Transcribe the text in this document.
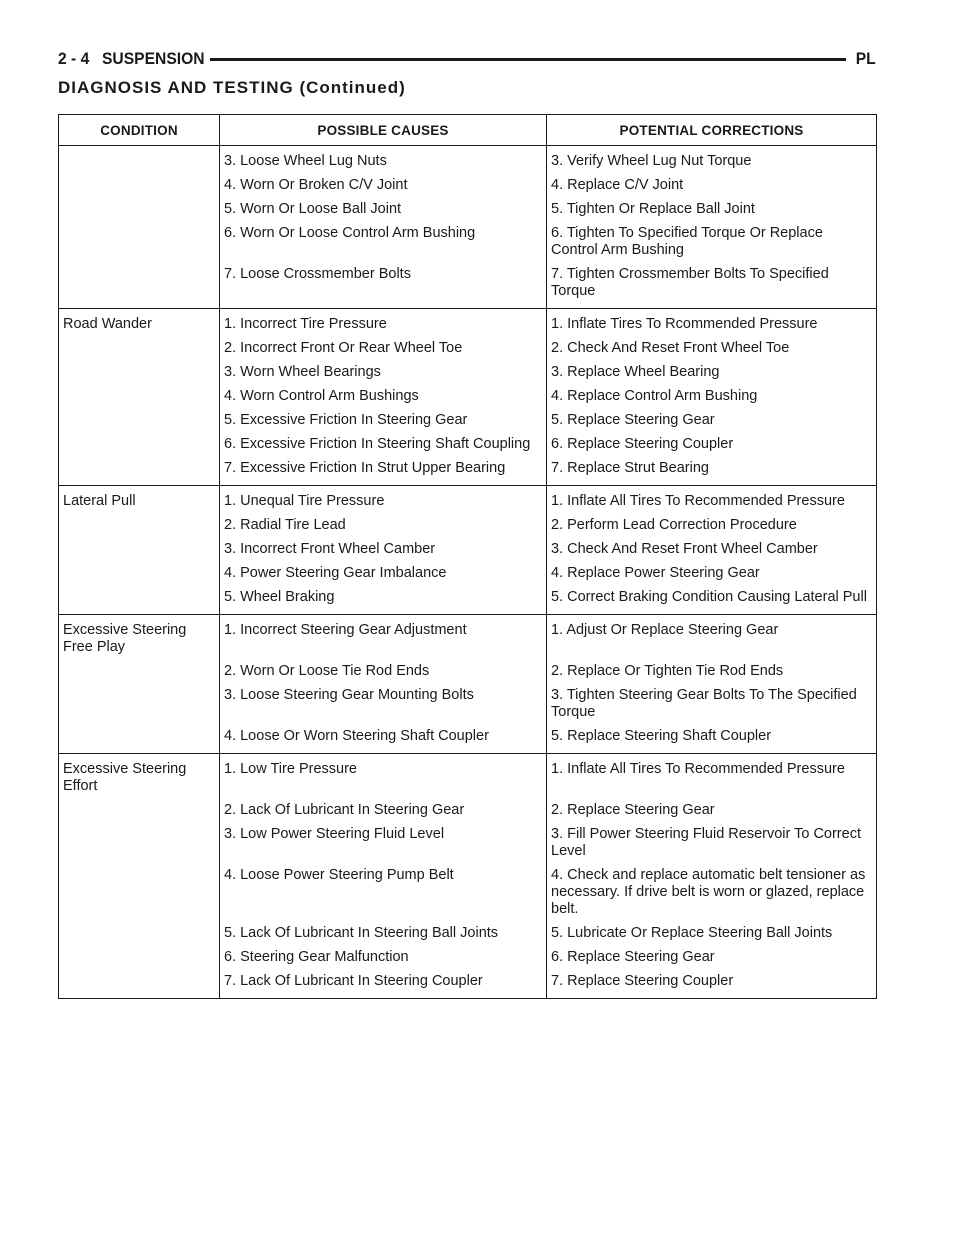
2 - 4 SUSPENSION	PL
DIAGNOSIS AND TESTING (Continued)
CONDITION	POSSIBLE CAUSES	POTENTIAL CORRECTIONS
	3. Loose Wheel Lug Nuts	3. Verify Wheel Lug Nut Torque
	4. Worn Or Broken C/V Joint	4. Replace C/V Joint
	5. Worn Or Loose Ball Joint	5. Tighten Or Replace Ball Joint
	6. Worn Or Loose Control Arm Bushing	6. Tighten To Specified Torque Or Replace Control Arm Bushing
	7. Loose Crossmember Bolts	7. Tighten Crossmember Bolts To Specified Torque
Road Wander	1. Incorrect Tire Pressure	1. Inflate Tires To Rcommended Pressure
	2. Incorrect Front Or Rear Wheel Toe	2. Check And Reset Front Wheel Toe
	3. Worn Wheel Bearings	3. Replace Wheel Bearing
	4. Worn Control Arm Bushings	4. Replace Control Arm Bushing
	5. Excessive Friction In Steering Gear	5. Replace Steering Gear
	6. Excessive Friction In Steering Shaft Coupling	6. Replace Steering Coupler
	7. Excessive Friction In Strut Upper Bearing	7. Replace Strut Bearing
Lateral Pull	1. Unequal Tire Pressure	1. Inflate All Tires To Recommended Pressure
	2. Radial Tire Lead	2. Perform Lead Correction Procedure
	3. Incorrect Front Wheel Camber	3. Check And Reset Front Wheel Camber
	4. Power Steering Gear Imbalance	4. Replace Power Steering Gear
	5. Wheel Braking	5. Correct Braking Condition Causing Lateral Pull
Excessive Steering Free Play	1. Incorrect Steering Gear Adjustment	1. Adjust Or Replace Steering Gear
	2. Worn Or Loose Tie Rod Ends	2. Replace Or Tighten Tie Rod Ends
	3. Loose Steering Gear Mounting Bolts	3. Tighten Steering Gear Bolts To The Specified Torque
	4. Loose Or Worn Steering Shaft Coupler	5. Replace Steering Shaft Coupler
Excessive Steering Effort	1. Low Tire Pressure	1. Inflate All Tires To Recommended Pressure
	2. Lack Of Lubricant In Steering Gear	2. Replace Steering Gear
	3. Low Power Steering Fluid Level	3. Fill Power Steering Fluid Reservoir To Correct Level
	4. Loose Power Steering Pump Belt	4. Check and replace automatic belt tensioner as necessary. If drive belt is worn or glazed, replace belt.
	5. Lack Of Lubricant In Steering Ball Joints	5. Lubricate Or Replace Steering Ball Joints
	6. Steering Gear Malfunction	6. Replace Steering Gear
	7. Lack Of Lubricant In Steering Coupler	7. Replace Steering Coupler
